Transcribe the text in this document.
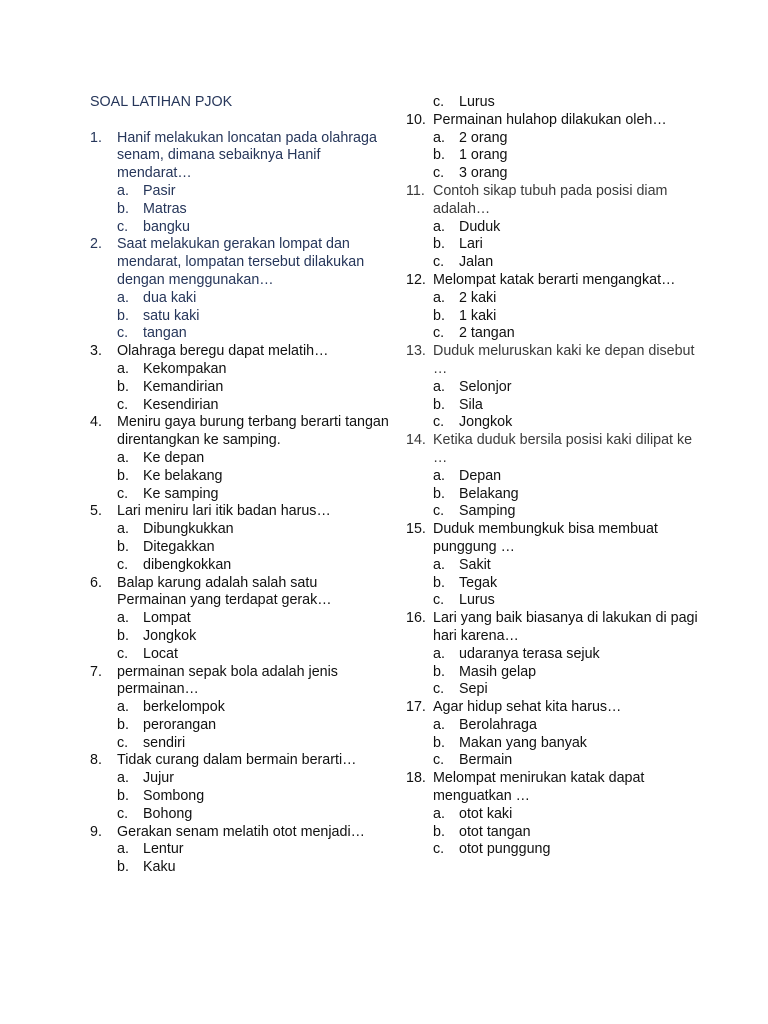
SOAL LATIHAN PJOK
1.	Hanif melakukan loncatan pada olahraga senam, dimana sebaiknya Hanif mendarat…
a. Pasir
b. Matras
c.	bangku
2.	Saat melakukan gerakan lompat dan mendarat, lompatan tersebut dilakukan dengan menggunakan…
a. dua kaki
b. satu kaki
c.	tangan
3.	Olahraga beregu dapat melatih…
a. Kekompakan
b. Kemandirian
c.	Kesendirian
4.	Meniru gaya burung terbang berarti tangan direntangkan ke samping.
a. Ke depan
b. Ke belakang
c.	Ke samping
5.	Lari meniru lari itik badan harus…
a. Dibungkukkan
b. Ditegakkan
c.	dibengkokkan
6.	Balap karung adalah salah satu Permainan yang terdapat gerak…
a. Lompat
b. Jongkok
c.	Locat
7.	permainan sepak bola adalah jenis permainan…
a. berkelompok
b. perorangan
c.	sendiri
8.	Tidak curang dalam bermain berarti…
a. Jujur
b. Sombong
c.	Bohong
9.	Gerakan senam melatih otot menjadi…
a. Lentur
b. Kaku
c.	Lurus
10. Permainan hulahop dilakukan oleh…
a. 2 orang
b. 1 orang
c.	3 orang
11. Contoh sikap tubuh pada posisi diam adalah…
a. Duduk
b. Lari
c.	Jalan
12. Melompat katak berarti mengangkat…
a. 2 kaki
b. 1 kaki
c.	2 tangan
13. Duduk meluruskan kaki ke depan disebut …
a. Selonjor
b. Sila
c.	Jongkok
14. Ketika duduk bersila posisi kaki dilipat ke …
a. Depan
b. Belakang
c.	Samping
15. Duduk membungkuk bisa membuat punggung …
a. Sakit
b. Tegak
c.	Lurus
16. Lari yang baik biasanya di lakukan di pagi hari karena…
a. udaranya terasa sejuk
b. Masih gelap
c.	Sepi
17. Agar hidup sehat kita harus…
a. Berolahraga
b. Makan yang banyak
c.	Bermain
18. Melompat menirukan katak dapat menguatkan …
a. otot kaki
b. otot tangan
c.	otot punggung
